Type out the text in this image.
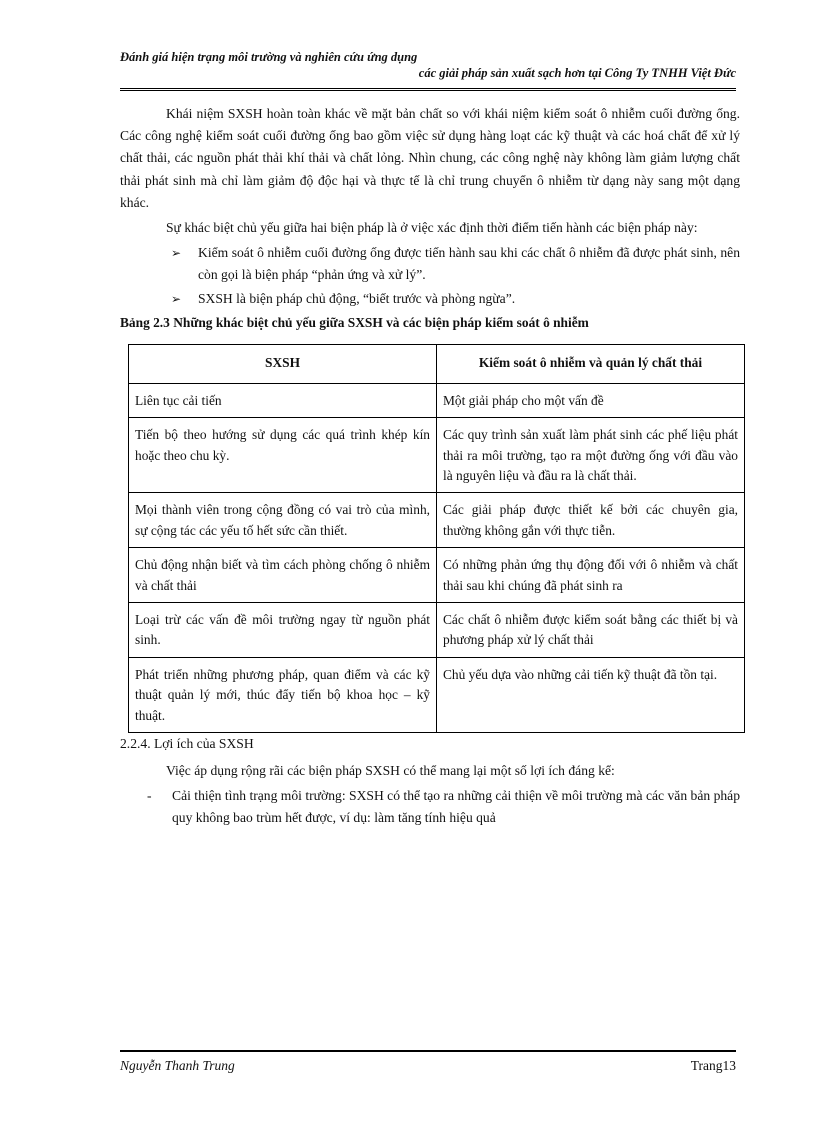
Đánh giá hiện trạng môi trường và nghiên cứu ứng dụng
các giải pháp sản xuất sạch hơn tại Công Ty TNHH Việt Đức

Khái niệm SXSH hoàn toàn khác về mặt bản chất so với khái niệm kiểm soát ô nhiễm cuối đường ống. Các công nghệ kiểm soát cuối đường ống bao gồm việc sử dụng hàng loạt các kỹ thuật và các hoá chất để xử lý chất thải, các nguồn phát thải khí thải và chất lỏng. Nhìn chung, các công nghệ này không làm giảm lượng chất thải phát sinh mà chỉ làm giảm độ độc hại và thực tế là chỉ trung chuyển ô nhiễm từ dạng này sang một dạng khác.

Sự khác biệt chủ yếu giữa hai biện pháp là ở việc xác định thời điểm tiến hành các biện pháp này:

➢ Kiểm soát ô nhiễm cuối đường ống được tiến hành sau khi các chất ô nhiễm đã được phát sinh, nên còn gọi là biện pháp “phản ứng và xử lý”.
➢ SXSH là biện pháp chủ động, “biết trước và phòng ngừa”.

Bảng 2.3 Những khác biệt chủ yếu giữa SXSH và các biện pháp kiểm soát ô nhiễm

SXSH	Kiểm soát ô nhiễm và quản lý chất thải
Liên tục cải tiến	Một giải pháp cho một vấn đề
Tiến bộ theo hướng sử dụng các quá trình khép kín hoặc theo chu kỳ.	Các quy trình sản xuất làm phát sinh các phế liệu phát thải ra môi trường, tạo ra một đường ống với đầu vào là nguyên liệu và đầu ra là chất thải.
Mọi thành viên trong cộng đồng có vai trò của mình, sự cộng tác các yếu tố hết sức cần thiết.	Các giải pháp được thiết kế bởi các chuyên gia, thường không gắn với thực tiễn.
Chủ động nhận biết và tìm cách phòng chống ô nhiễm và chất thải	Có những phản ứng thụ động đối với ô nhiễm và chất thải sau khi chúng đã phát sinh ra
Loại trừ các vấn đề môi trường ngay từ nguồn phát sinh.	Các chất ô nhiễm được kiểm soát bằng các thiết bị và phương pháp xử lý chất thải
Phát triển những phương pháp, quan điểm và các kỹ thuật quản lý mới, thúc đẩy tiến bộ khoa học – kỹ thuật.	Chủ yếu dựa vào những cải tiến kỹ thuật đã tồn tại.

2.2.4. Lợi ích của SXSH

Việc áp dụng rộng rãi các biện pháp SXSH có thể mang lại một số lợi ích đáng kể:

- Cải thiện tình trạng môi trường: SXSH có thể tạo ra những cải thiện về môi trường mà các văn bản pháp quy không bao trùm hết được, ví dụ: làm tăng tính hiệu quả
Nguyễn Thanh Trung	Trang13
